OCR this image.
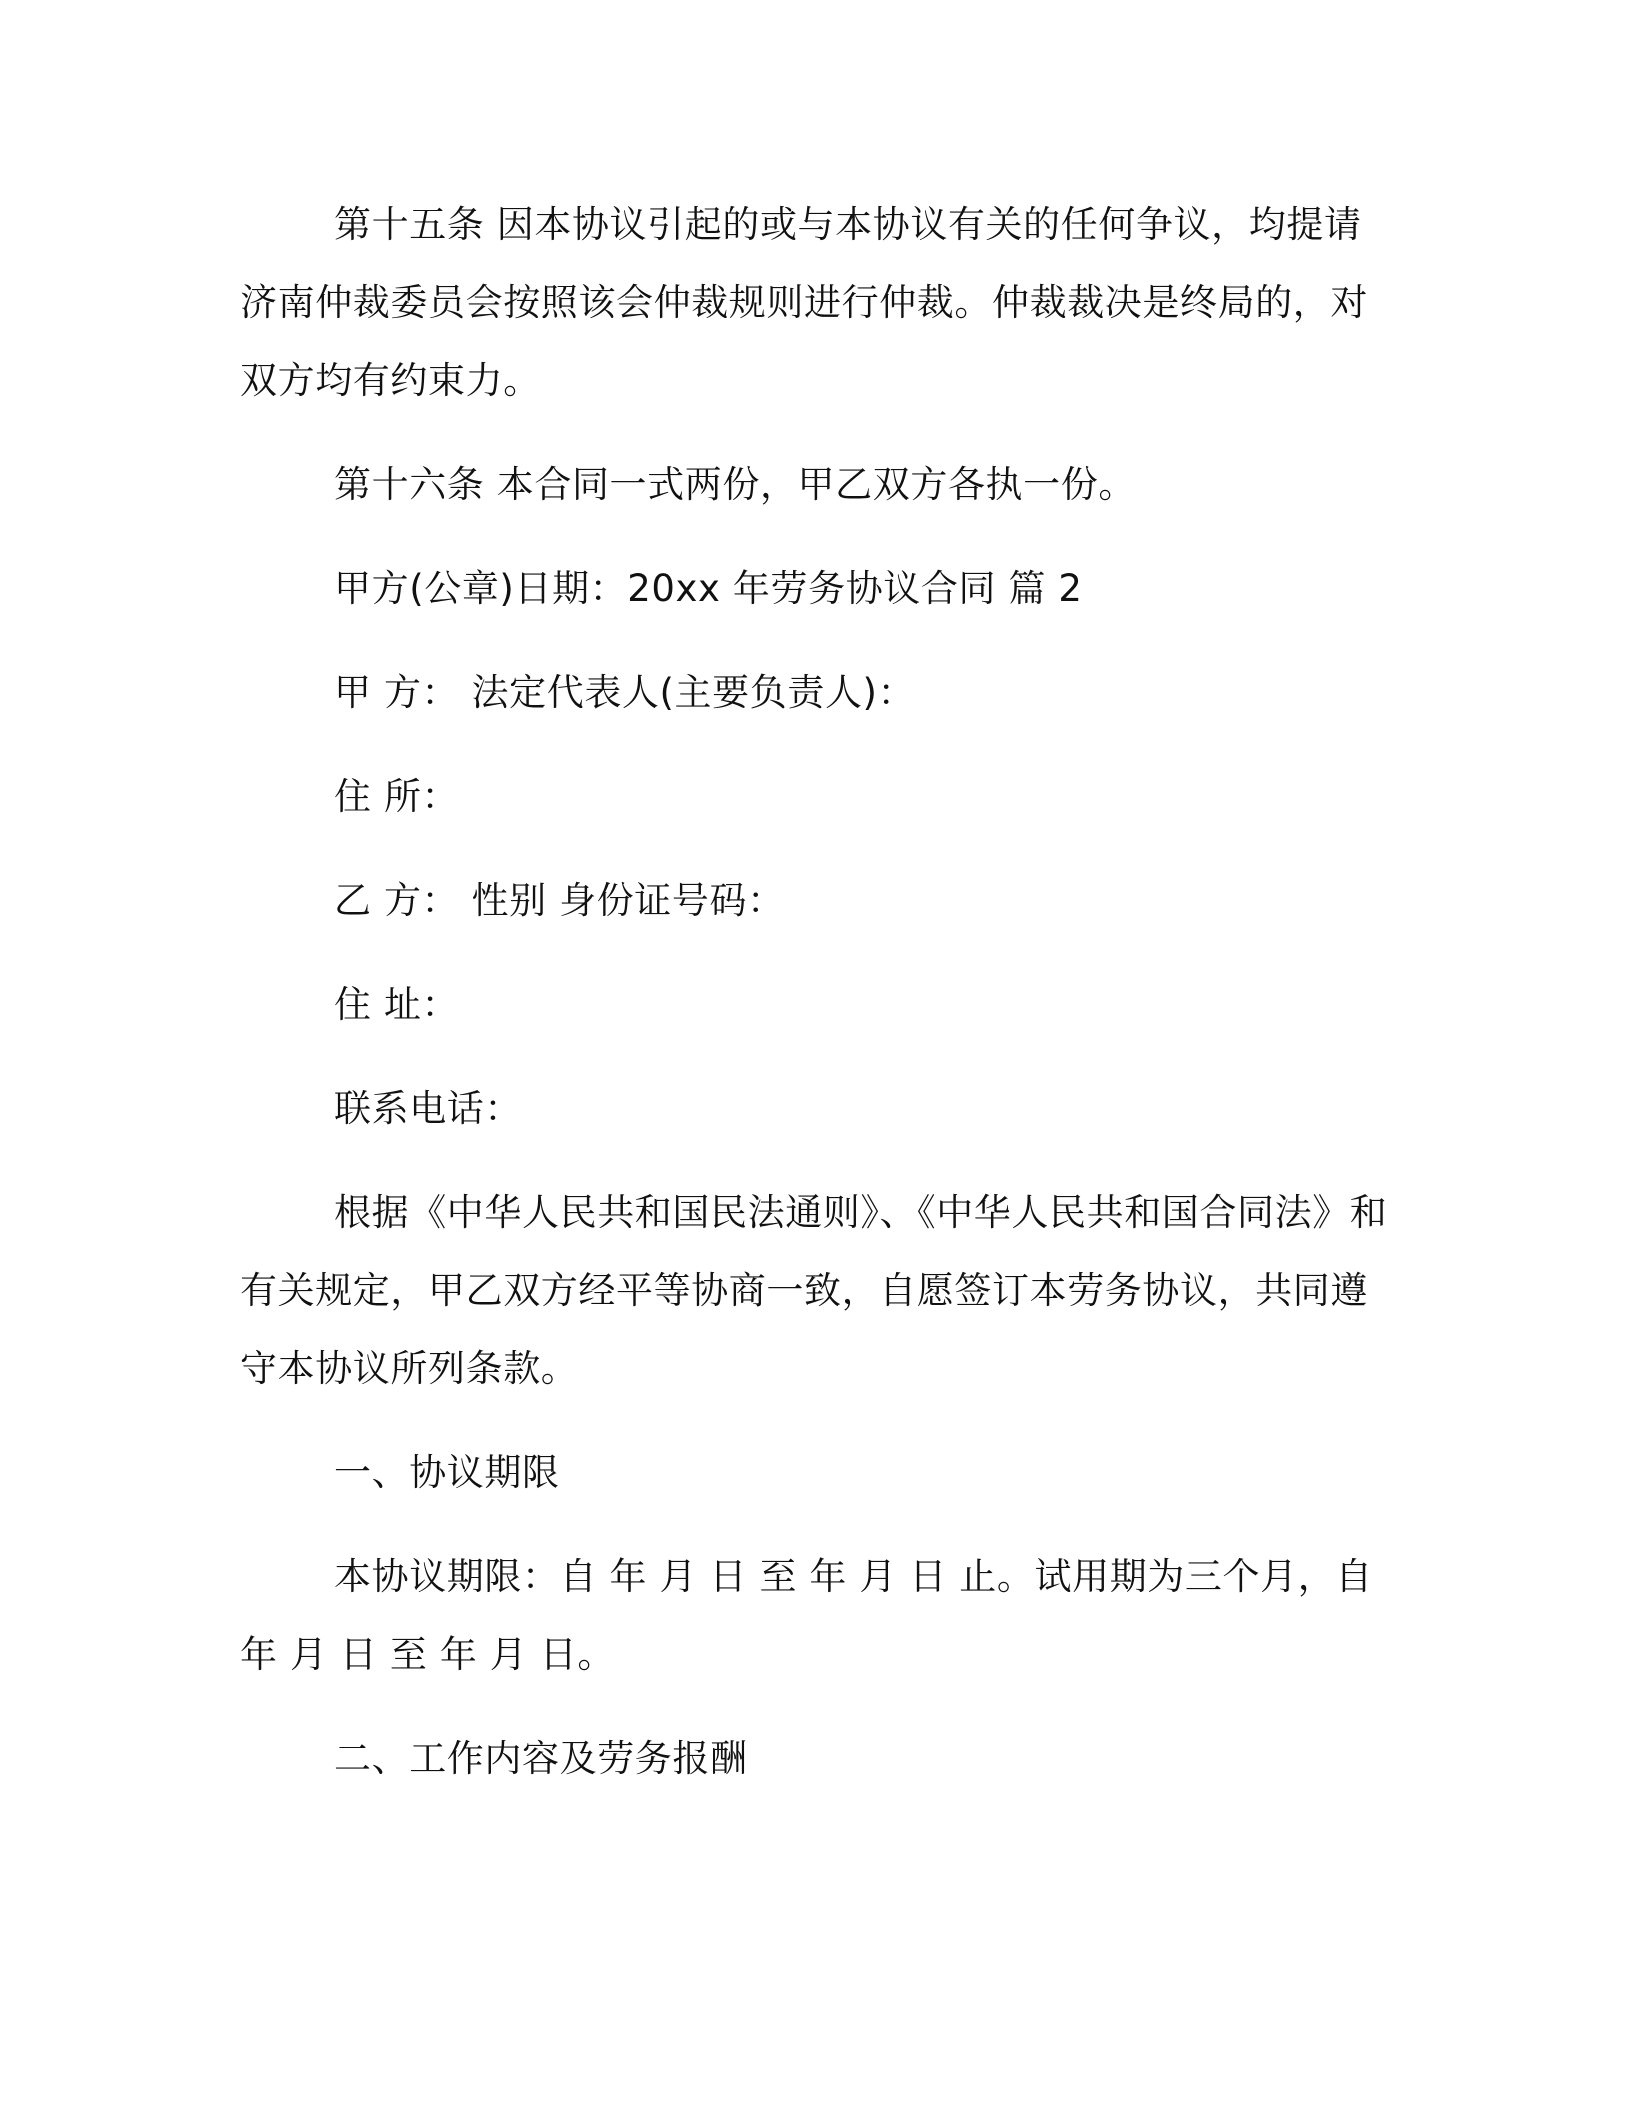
第十五条 因本协议引起的或与本协议有关的任何争议，均提请济南仲裁委员会按照该会仲裁规则进行仲裁。仲裁裁决是终局的，对双方均有约束力。

第十六条 本合同一式两份，甲乙双方各执一份。

甲方(公章)日期：20xx 年劳务协议合同 篇 2

甲 方： 法定代表人(主要负责人)：

住 所：

乙 方： 性别 身份证号码：

住 址：

联系电话：

根据《中华人民共和国民法通则》、《中华人民共和国合同法》和有关规定，甲乙双方经平等协商一致，自愿签订本劳务协议，共同遵守本协议所列条款。

一、协议期限

本协议期限：自 年 月 日 至 年 月 日 止。试用期为三个月，自 年 月 日 至 年 月 日。

二、工作内容及劳务报酬
